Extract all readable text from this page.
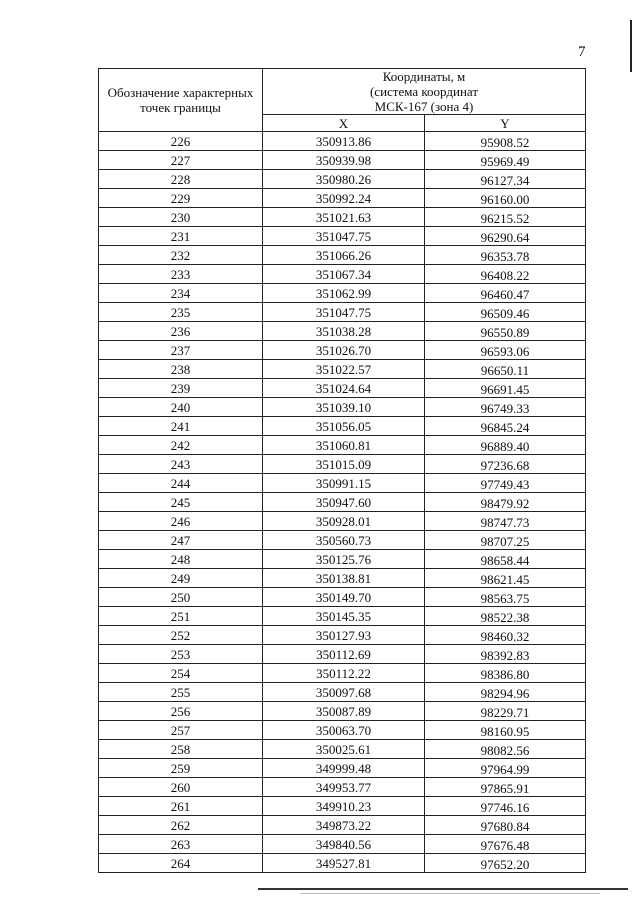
7
Обозначение характерных точек границы	Координаты, м
(система координат
МСК-167 (зона 4)	

	X	Y
226	350913.86	95908.52
227	350939.98	95969.49
228	350980.26	96127.34
229	350992.24	96160.00
230	351021.63	96215.52
231	351047.75	96290.64
232	351066.26	96353.78
233	351067.34	96408.22
234	351062.99	96460.47
235	351047.75	96509.46
236	351038.28	96550.89
237	351026.70	96593.06
238	351022.57	96650.11
239	351024.64	96691.45
240	351039.10	96749.33
241	351056.05	96845.24
242	351060.81	96889.40
243	351015.09	97236.68
244	350991.15	97749.43
245	350947.60	98479.92
246	350928.01	98747.73
247	350560.73	98707.25
248	350125.76	98658.44
249	350138.81	98621.45
250	350149.70	98563.75
251	350145.35	98522.38
252	350127.93	98460.32
253	350112.69	98392.83
254	350112.22	98386.80
255	350097.68	98294.96
256	350087.89	98229.71
257	350063.70	98160.95
258	350025.61	98082.56
259	349999.48	97964.99
260	349953.77	97865.91
261	349910.23	97746.16
262	349873.22	97680.84
263	349840.56	97676.48
264	349527.81	97652.20
